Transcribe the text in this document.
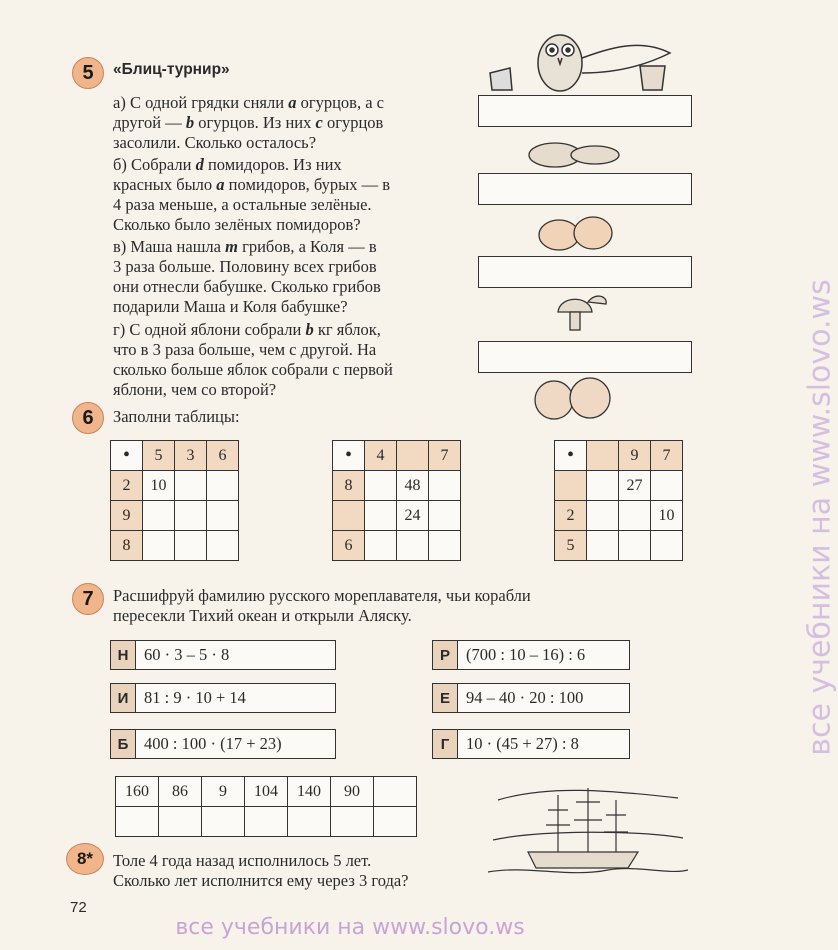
все учебники на www.slovo.ws
5	«Блиц-турнир»
а) С одной грядки сняли a огурцов, а с
другой — b огурцов. Из них c огурцов
засолили. Сколько осталось?
б) Собрали d помидоров. Из них
красных было a помидоров, бурых — в
4 раза меньше, а остальные зелёные.
Сколько было зелёных помидоров?
в) Маша нашла m грибов, а Коля — в
3 раза больше. Половину всех грибов
они отнесли бабушке. Сколько грибов
подарили Маша и Коля бабушке?
г) С одной яблони собрали b кг яблок,
что в 3 раза больше, чем с другой. На
сколько больше яблок собрали с первой
яблони, чем со второй?
6	Заполни таблицы:
•	5	3	6
2	10		
9			
8			
•	4		7
8		48	
		24	
6			
•		9	7
		27	
2			10
5			
7	Расшифруй фамилию русского мореплавателя, чьи корабли
пересекли Тихий океан и открыли Аляску.
Н 60 · 3 – 5 · 8	Р (700 : 10 – 16) : 6
И 81 : 9 · 10 + 14	Е 94 – 40 · 20 : 100
Б 400 : 100 · (17 + 23)	Г	10 · (45 + 27) : 8
160	86	9	104	140	90	

8*	Толе 4 года назад исполнилось 5 лет.
Сколько лет исполнится ему через 3 года?
72
все учебники на www.slovo.ws
